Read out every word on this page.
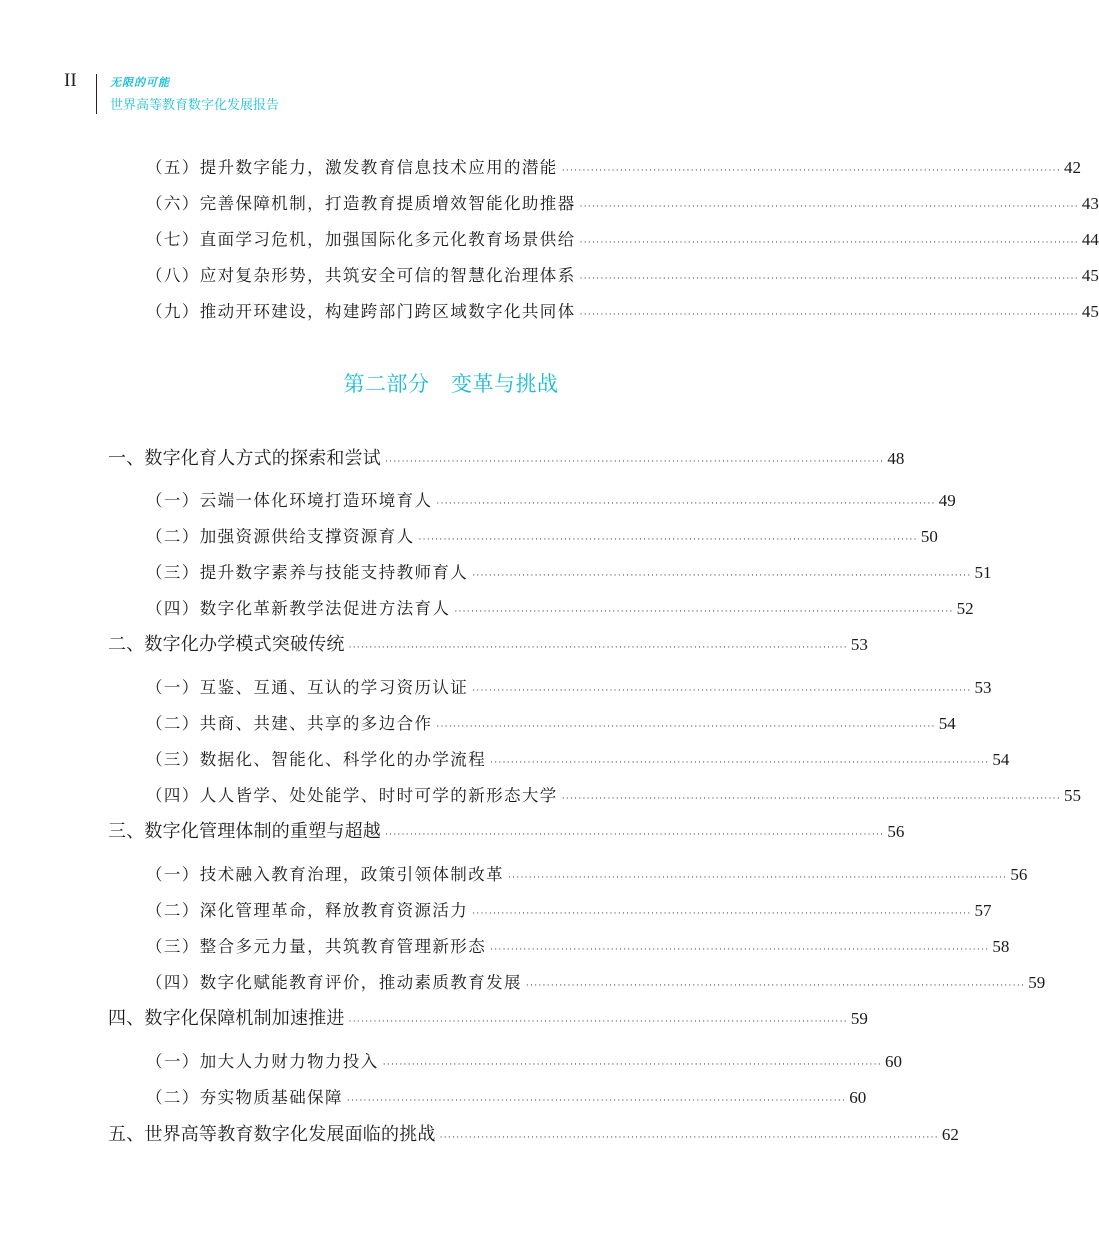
II	无限的可能
世界高等教育数字化发展报告
（五）提升数字能力，激发教育信息技术应用的潜能 ························································································································ 42
（六）完善保障机制，打造教育提质增效智能化助推器 ························································································································ 43
（七）直面学习危机，加强国际化多元化教育场景供给 ························································································································ 44
（八）应对复杂形势，共筑安全可信的智慧化治理体系 ························································································································ 45
（九）推动开环建设，构建跨部门跨区域数字化共同体 ························································································································ 45
第二部分　变革与挑战
一、数字化育人方式的探索和尝试 ························································································································ 48
（一）云端一体化环境打造环境育人 ························································································································ 49
（二）加强资源供给支撑资源育人 ························································································································ 50
（三）提升数字素养与技能支持教师育人 ························································································································ 51
（四）数字化革新教学法促进方法育人 ························································································································ 52
二、数字化办学模式突破传统 ························································································································ 53
（一）互鉴、互通、互认的学习资历认证 ························································································································ 53
（二）共商、共建、共享的多边合作 ························································································································ 54
（三）数据化、智能化、科学化的办学流程 ························································································································ 54
（四）人人皆学、处处能学、时时可学的新形态大学 ························································································································ 55
三、数字化管理体制的重塑与超越 ························································································································ 56
（一）技术融入教育治理，政策引领体制改革 ························································································································ 56
（二）深化管理革命，释放教育资源活力 ························································································································ 57
（三）整合多元力量，共筑教育管理新形态 ························································································································ 58
（四）数字化赋能教育评价，推动素质教育发展 ························································································································ 59
四、数字化保障机制加速推进 ························································································································ 59
（一）加大人力财力物力投入 ························································································································ 60
（二）夯实物质基础保障 ························································································································ 60
五、世界高等教育数字化发展面临的挑战 ························································································································ 62
